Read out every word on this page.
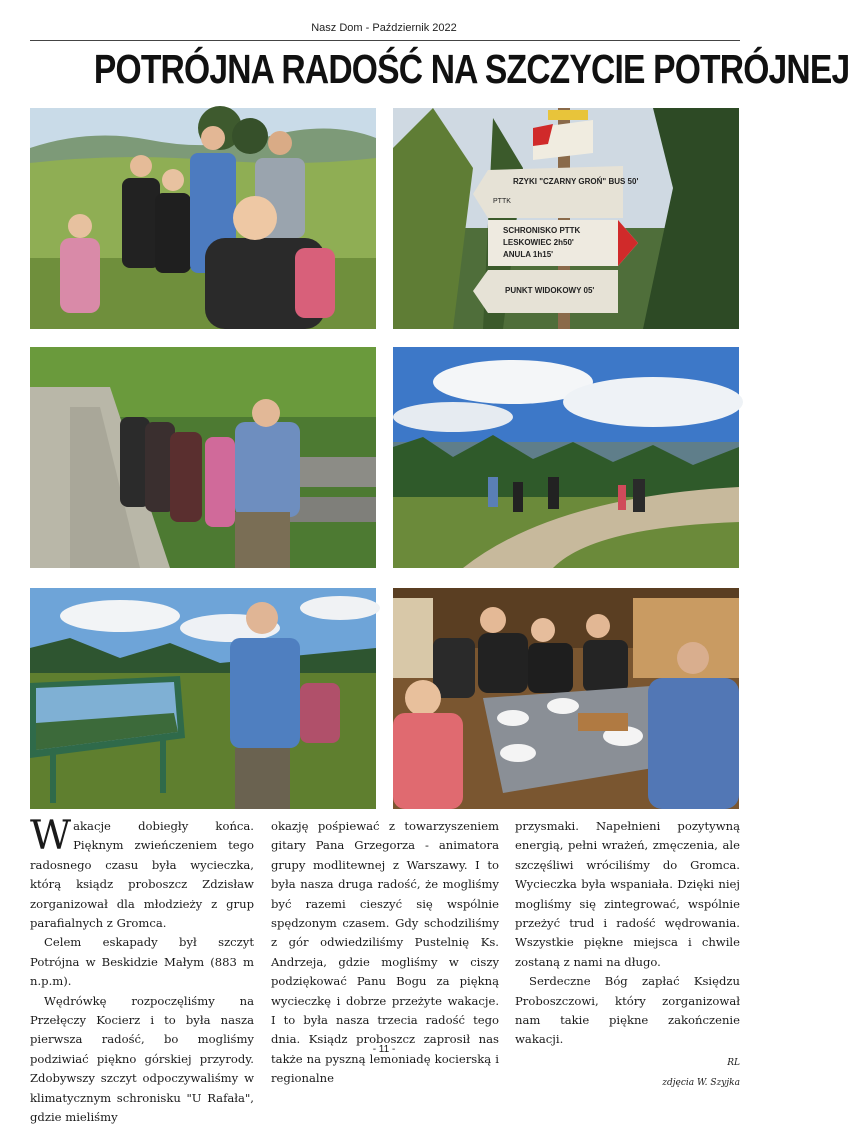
Nasz Dom - Październik 2022
POTRÓJNA RADOŚĆ NA SZCZYCIE POTRÓJNEJ
RZYKI "CZARNY GROŃ" BUS 50'
SCHRONISKO PTTK
LESKOWIEC 2h50'
ANULA 1h15'
PUNKT WIDOKOWY 05'
PTTK

W akacje dobiegły końca. Pięknym zwieńczeniem tego radosnego czasu była wycieczka, którą ksiądz proboszcz Zdzisław zorganizował dla młodzieży z grup parafialnych z Gromca.

Celem eskapady był szczyt Potrójna w Beskidzie Małym (883 m n.p.m).

Wędrówkę rozpoczęliśmy na Przełęczy Kocierz i to była nasza pierwsza radość, bo mogliśmy podziwiać piękno górskiej przyrody. Zdobywszy szczyt odpoczywaliśmy w klimatycznym schronisku "U Rafała", gdzie mieliśmy

okazję pośpiewać z towarzyszeniem gitary Pana Grzegorza - animatora grupy modlitewnej z Warszawy. I to była nasza druga radość, że mogliśmy być razemi cieszyć się wspólnie spędzonym czasem. Gdy schodziliśmy z gór odwiedziliśmy Pustelnię Ks. Andrzeja, gdzie mogliśmy w ciszy podziękować Panu Bogu za piękną wycieczkę i dobrze przeżyte wakacje. I to była nasza trzecia radość tego dnia. Ksiądz proboszcz zaprosił nas także na pyszną lemoniadę kocierską i regionalne

przysmaki. Napełnieni pozytywną energią, pełni wrażeń, zmęczenia, ale szczęśliwi wróciliśmy do Gromca. Wycieczka była wspaniała. Dzięki niej mogliśmy się zintegrować, wspólnie przeżyć trud i radość wędrowania. Wszystkie piękne miejsca i chwile zostaną z nami na długo.

Serdeczne Bóg zapłać Księdzu Proboszczowi, który zorganizował nam takie piękne zakończenie wakacji.

RL
zdjęcia W. Szyjka
- 11 -
